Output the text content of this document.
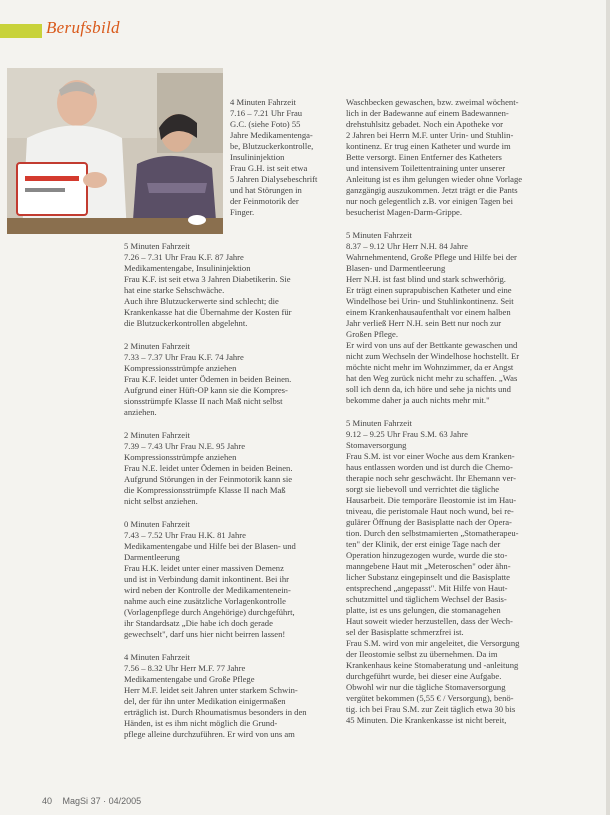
Berufsbild
4 Minuten Fahrzeit
7.16 – 7.21 Uhr Frau
G.C. (siehe Foto) 55
Jahre Medikamentengа-
be, Blutzuckerkontrolle,
Insulininjektion
Frau G.H. ist seit etwa
5 Jahren Dialysebeschrift
und hat Störungen in
der Feinmotorik der
Finger.
5 Minuten Fahrzeit
7.26 – 7.31 Uhr Frau K.F. 87 Jahre
Medikamentengabe, Insulininjektion
Frau K.F. ist seit etwa 3 Jahren Diabetikerin. Sie
hat eine starke Sehschwäche.
Auch ihre Blutzuckerwerte sind schlecht; die
Krankenkasse hat die Übernahme der Kosten für
die Blutzuckerkontrollen abgelehnt.
2 Minuten Fahrzeit
7.33 – 7.37 Uhr Frau K.F. 74 Jahre
Kompressionsstrümpfe anziehen
Frau K.F. leidet unter Ödemen in beiden Beinen.
Aufgrund einer Hüft-OP kann sie die Kompres-
sionsstrümpfe Klasse II nach Maß nicht selbst
anziehen.
2 Minuten Fahrzeit
7.39 – 7.43 Uhr Frau N.E. 95 Jahre
Kompressionsstrümpfe anziehen
Frau N.E. leidet unter Ödemen in beiden Beinen.
Aufgrund Störungen in der Feinmotorik kann sie
die Kompressionsstrümpfe Klasse II nach Maß
nicht selbst anziehen.
0 Minuten Fahrzeit
7.43 – 7.52 Uhr Frau H.K. 81 Jahre
Medikamentengabe und Hilfe bei der Blasen- und
Darmentleerung
Frau H.K. leidet unter einer massiven Demenz
und ist in Verbindung damit inkontinent. Bei ihr
wird neben der Kontrolle der Medikamentenein-
nahme auch eine zusätzliche Vorlagenkontrolle
(Vorlagenpflege durch Angehörige) durchgeführt,
ihr Standardsatz „Die habe ich doch gerade
gewechselt", darf uns hier nicht beirren lassen!
4 Minuten Fahrzeit
7.56 – 8.32 Uhr Herr M.F. 77 Jahre
Medikamentengabe und Große Pflege
Herr M.F. leidet seit Jahren unter starkem Schwin-
del, der für ihn unter Medikation einigermaßen
erträglich ist. Durch Rhoumatismus besonders in den
Händen, ist es ihm nicht möglich die Grund-
pflege alleine durchzuführen. Er wird von uns am
Waschbecken gewaschen, bzw. zweimal wöchent-
lich in der Badewanne auf einem Badewannen-
drehstuhlsitz gebadet. Noch ein Apotheke vor
2 Jahren bei Herrn M.F. unter Urin- und Stuhlin-
kontinenz. Er trug einen Katheter und wurde im
Bette versorgt. Einen Entferner des Katheters
und intensivem Toilettentraining unter unserer
Anleitung ist es ihm gelungen wieder ohne Vorlage
ganzgängig auszukommen. Jetzt trägt er die Pants
nur noch gelegentlich z.B. vor einigen Tagen bei
besucherist Magen-Darm-Grippe.
5 Minuten Fahrzeit
8.37 – 9.12 Uhr Herr N.H. 84 Jahre
Wahrnehmentend, Große Pflege und Hilfe bei der
Blasen- und Darmentleerung
Herr N.H. ist fast blind und stark schwerhörig.
Er trägt einen suprapubischen Katheter und eine
Windelhose bei Urin- und Stuhlinkontinenz. Seit
einem Krankenhausaufenthalt vor einem halben
Jahr verließ Herr N.H. sein Bett nur noch zur
Großen Pflege.
Er wird von uns auf der Bettkante gewaschen und
nicht zum Wechseln der Windelhose hochstellt. Er
möchte nicht mehr im Wohnzimmer, da er Angst
hat den Weg zurück nicht mehr zu schaffen. „Was
soll ich denn da, ich höre und sehe ja nichts und
bekomme daher ja auch nichts mehr mit."
5 Minuten Fahrzeit
9.12 – 9.25 Uhr Frau S.M. 63 Jahre
Stomaversorgung
Frau S.M. ist vor einer Woche aus dem Kranken-
haus entlassen worden und ist durch die Chemo-
therapie noch sehr geschwächt. Ihr Ehemann ver-
sorgt sie liebevoll und verrichtet die tägliche
Hausarbeit. Die temporäre Ileostomie ist im Hau-
tniveau, die peristomale Haut noch wund, bei re-
gulärer Öffnung der Basisplatte nach der Opera-
tion. Durch den selbstmamierten „Stomatherapeu-
ten" der Klinik, der erst einige Tage nach der
Operation hinzugezogen wurde, wurde die sto-
manngebene Haut mit „Meteroschen" oder ähn-
licher Substanz eingepinselt und die Basisplatte
entsprechend „angepasst". Mit Hilfe von Haut-
schutzmittel und täglichem Wechsel der Basis-
platte, ist es uns gelungen, die stomanagehen
Haut soweit wieder herzustellen, dass der Wech-
sel der Basisplatte schmerzfrei ist.
Frau S.M. wird von mir angeleitet, die Versorgung
der Ileostomie selbst zu übernehmen. Da im
Krankenhaus keine Stomaberatung und -anleitung
durchgeführt wurde, bei dieser eine Aufgabe.
Obwohl wir nur die tägliche Stomaversorgung
vergütet bekommen (5,55 € / Versorgung), benö-
tig. ich bei Frau S.M. zur Zeit täglich etwa 30 bis
45 Minuten. Die Krankenkasse ist nicht bereit,
40 MagSi 37 · 04/2005
